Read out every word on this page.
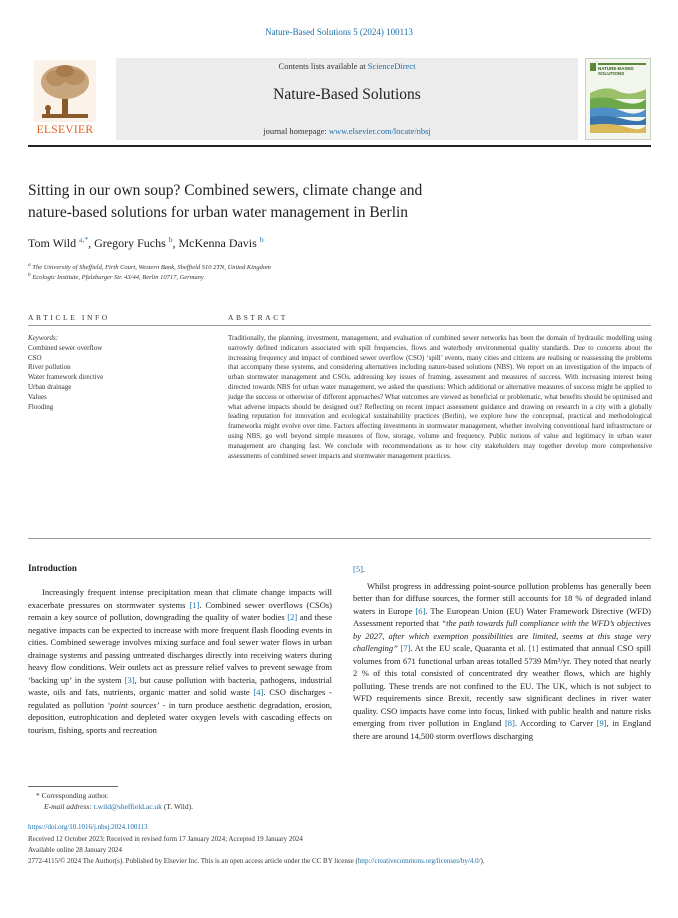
Nature-Based Solutions 5 (2024) 100113
ELSEVIER
Contents lists available at ScienceDirect
Nature-Based Solutions
journal homepage: www.elsevier.com/locate/nbsj
NATURE-BASED SOLUTIONS
Sitting in our own soup? Combined sewers, climate change and
nature-based solutions for urban water management in Berlin
Tom Wild $^{a,*}$, Gregory Fuchs $^b$, McKenna Davis $^b$
$^a$ The University of Sheffield, Firth Court, Western Bank, Sheffield S10 2TN, United Kingdom
$^b$ Ecologic Institute, Pfalzburger Str. 43/44, Berlin 10717, Germany
ARTICLE INFO	ABSTRACT
Keywords:
Combined sewer overflow
CSO
River pollution
Water framework directive
Urban drainage
Values
Flooding
Traditionally, the planning, investment, management, and evaluation of combined sewer networks has been the domain of hydraulic modelling using narrowly defined indicators associated with spill frequencies, flows and waterbody environmental quality standards. Due to concerns about the increasing frequency and impact of combined sewer overflow (CSO) ‘spill’ events, many cities and citizens are realising or reassessing the problems that accompany these systems, and considering alternatives including nature-based solutions (NBS). We report on an investigation of the impacts of urban stormwater management and CSOs, addressing key issues of framing, assessment and measures of success. With increasing interest being directed towards NBS for urban water management, we asked the questions: Which additional or alternative measures of success might be applied to judge the success or otherwise of different approaches? What outcomes are viewed as beneficial or problematic, what benefits should be optimised and what adverse impacts should be designed out? Reflecting on recent impact assessment guidance and drawing on research in a city with a globally leading reputation for innovation and ecological sustainability practices (Berlin), we explore how the conceptual, practical and methodological frameworks might evolve over time. Factors affecting investments in stormwater management, whether involving conventional hard infrastructure or using NBS, go well beyond simple measures of flow, storage, volume and frequency. Public notions of value and legitimacy in urban water management are changing fast. We conclude with recommendations as to how city stakeholders may together develop more comprehensive assessments of combined sewer impacts and stormwater management practices.
Introduction

Increasingly frequent intense precipitation mean that climate change impacts will exacerbate pressures on stormwater systems [1]. Combined sewer overflows (CSOs) remain a key source of pollution, downgrading the quality of water bodies [2] and these negative impacts can be expected to increase with more frequent flash flooding events in cities. Combined sewerage involves mixing surface and foul sewer water flows in urban drainage systems and passing untreated discharges directly into receiving waters during heavy flow conditions. Weir outlets act as pressure relief valves to prevent sewage from ‘backing up’ in the system [3], but cause pollution with bacteria, pathogens, industrial waste, oils and fats, nutrients, organic matter and solid waste [4]. CSO discharges - regulated as pollution ‘point sources’ - in turn produce aesthetic degradation, erosion, deposition, eutrophication and depleted water oxygen levels with cascading effects on tourism, fishing, sports and recreation

[5].

Whilst progress in addressing point-source pollution problems has generally been better than for diffuse sources, the former still accounts for 18 % of degraded inland waters in Europe [6]. The European Union (EU) Water Framework Directive (WFD) Assessment reported that “the path towards full compliance with the WFD’s objectives by 2027, after which exemption possibilities are limited, seems at this stage very challenging” [7]. At the EU scale, Quaranta et al. [1] estimated that annual CSO spill volumes from 671 functional urban areas totalled 5739 Mm³/yr. They noted that nearly 2 % of this total consisted of concentrated dry weather flows, which are highly polluting. These trends are not confined to the EU. The UK, which is not subject to WFD requirements since Brexit, recently saw significant declines in river water quality. CSO impacts have come into focus, linked with public health and nature risks emerging from river pollution in England [8]. According to Carver [9], in England there are around 14,500 storm overflows discharging

* Corresponding author.
E-mail address: t.wild@sheffield.ac.uk (T. Wild).
https://doi.org/10.1016/j.nbsj.2024.100113
Received 12 October 2023; Received in revised form 17 January 2024; Accepted 19 January 2024
Available online 28 January 2024
2772-4115/© 2024 The Author(s). Published by Elsevier Inc. This is an open access article under the CC BY license (http://creativecommons.org/licenses/by/4.0/).
